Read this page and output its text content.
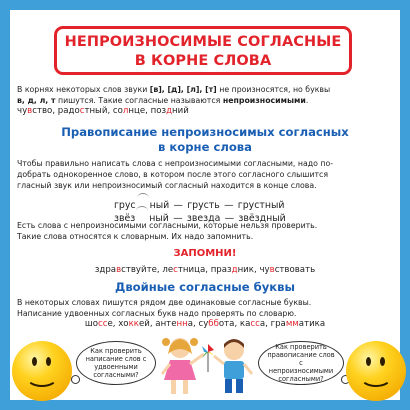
НЕПРОИЗНОСИМЫЕ СОГЛАСНЫЕ
В КОРНЕ СЛОВА

В корнях некоторых слов звуки [в], [д], [л], [т] не произносятся, но буквы
в, д, л, т пишутся. Такие согласные называются непроизносимыми.

чувство, радостный, солнце, поздний
Правописание непроизносимых согласных
в корне слова

Чтобы правильно написать слова с непроизносимыми согласными, надо по-
добрать однокоренное слово, в котором после этого согласного слышится
гласный звук или непроизносимый согласный находится в конце слова.

грус ный — грусть — грустный
звёз ный — звезда — звёздный

Есть слова с непроизносимыми согласными, которые нельзя проверить.
Такие слова относятся к словарным. Их надо запомнить.

ЗАПОМНИ!
здравствуйте, лестница, праздник, чувствовать
Двойные согласные буквы

В некоторых словах пишутся рядом две одинаковые согласные буквы.
Написание удвоенных согласных букв надо проверять по словарю.

шоссе, хоккей, антенна, суббота, касса, грамматика
Как проверить написание слов с удвоенными согласными?
Как проверить правописание слов с непроизносимыми согласными?
